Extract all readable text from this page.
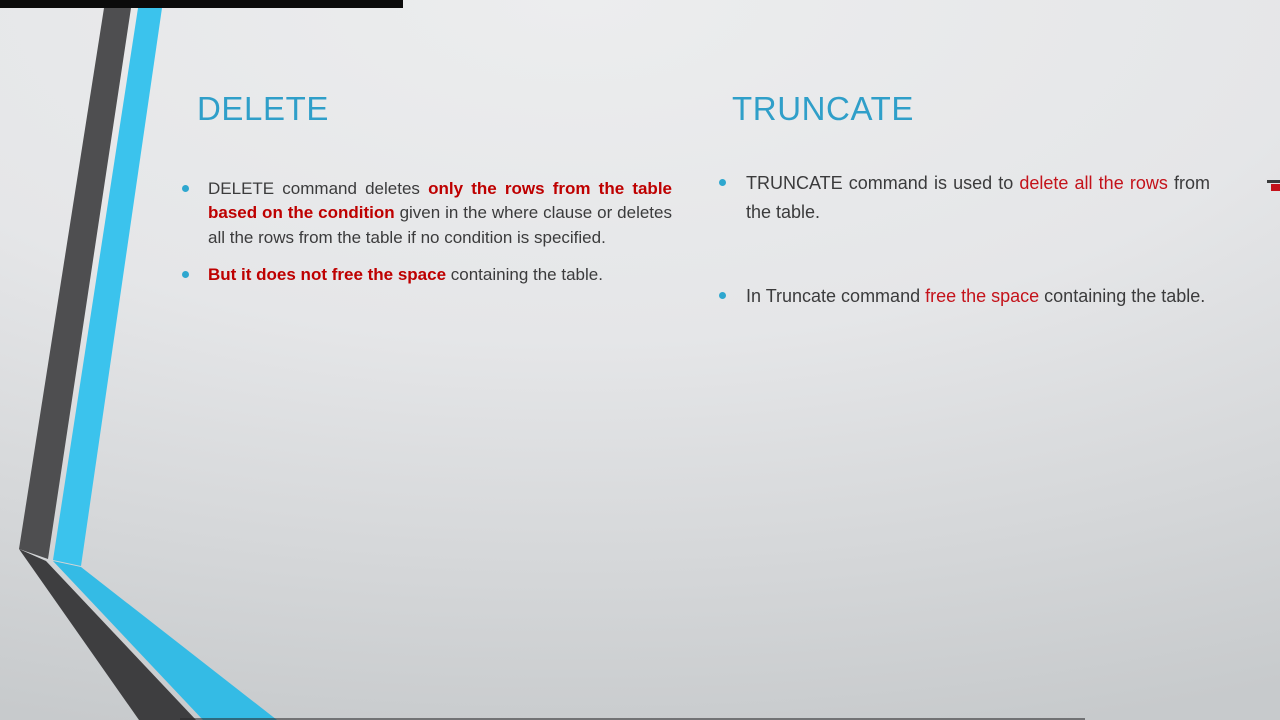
DELETE	TRUNCATE
DELETE command deletes only the rows from the table based on the condition given in the where clause or deletes all the rows from the table if no condition is specified.
But it does not free the space containing the table.
TRUNCATE command is used to delete all the rows from the table.
In Truncate command free the space containing the table.
